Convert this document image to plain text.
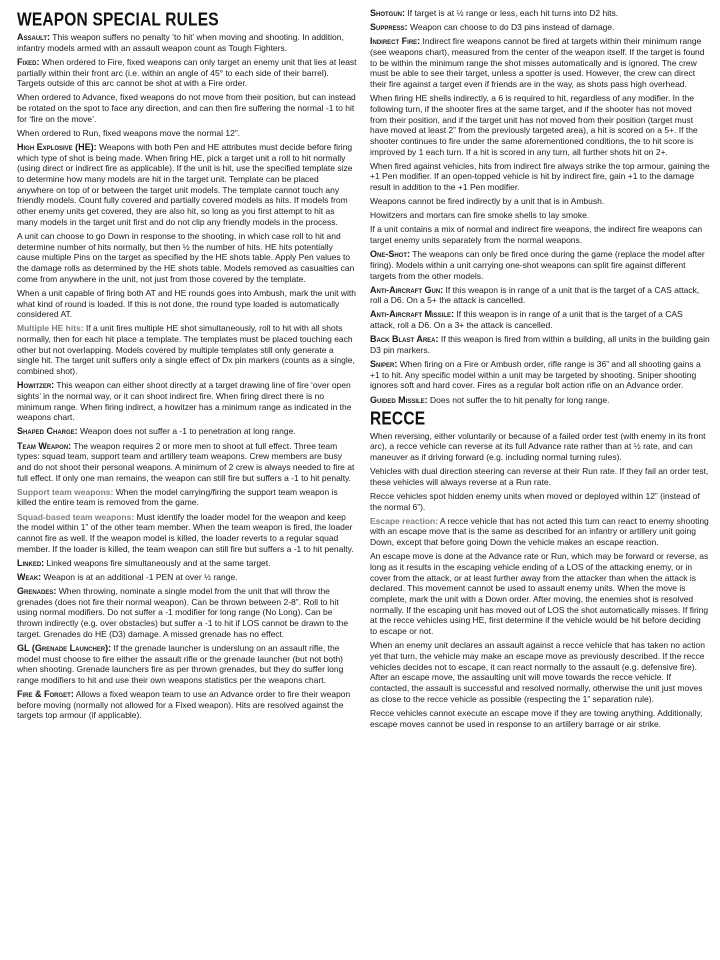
WEAPON SPECIAL RULES

Assault: This weapon suffers no penalty ‘to hit’ when moving and shooting. In addition, infantry models armed with an assault weapon count as Tough Fighters.

Fixed: When ordered to Fire, fixed weapons can only target an enemy unit that lies at least partially within their front arc (i.e. within an angle of 45° to each side of their barrel). Targets outside of this arc cannot be shot at with a Fire order.

When ordered to Advance, fixed weapons do not move from their position, but can instead be rotated on the spot to face any direction, and can then fire suffering the normal -1 to hit for ‘fire on the move’.

When ordered to Run, fixed weapons move the normal 12”.

High Explosive (HE): Weapons with both Pen and HE attributes must decide before firing which type of shot is being made. When firing HE, pick a target unit a roll to hit normally (using direct or indirect fire as applicable). If the unit is hit, use the specified template size to determine how many models are hit in the target unit. Template can be placed anywhere on top of or between the target unit models. The template cannot touch any friendly models. Count fully covered and partially covered models as hits. If models from other enemy units get covered, they are also hit, so long as you first attempt to hit as many models in the target unit first and do not clip any friendly models in the process.

A unit can choose to go Down in response to the shooting, in which case roll to hit and determine number of hits normally, but then ½ the number of hits. HE hits potentially cause multiple Pins on the target as specified by the HE shots table. Apply Pen values to the damage rolls as determined by the HE shots table. Models removed as casualties can come from anywhere in the unit, not just from those covered by the template.

When a unit capable of firing both AT and HE rounds goes into Ambush, mark the unit with what kind of round is loaded. If this is not done, the round type loaded is automatically considered AT.

Multiple HE hits: If a unit fires multiple HE shot simultaneously, roll to hit with all shots normally, then for each hit place a template. The templates must be placed touching each other but not overlapping. Models covered by multiple templates still only generate a single hit. The target unit suffers only a single effect of Dx pin markers (counts as a single, combined shot).

Howitzer: This weapon can either shoot directly at a target drawing line of fire ‘over open sights’ in the normal way, or it can shoot indirect fire. When firing direct there is no minimum range. When firing indirect, a howitzer has a minimum range as indicated in the weapons chart.

Shaped Charge: Weapon does not suffer a -1 to penetration at long range.

Team Weapon: The weapon requires 2 or more men to shoot at full effect. Three team types: squad team, support team and artillery team weapons. Crew members are busy and do not shoot their personal weapons. A minimum of 2 crew is always needed to fire at full effect. If only one man remains, the weapon can still fire but suffers a -1 to hit penalty.

Support team weapons: When the model carrying/firing the support team weapon is killed the entire team is removed from the game.

Squad-based team weapons: Must identify the loader model for the weapon and keep the model within 1” of the other team member. When the team weapon is fired, the loader cannot fire as well. If the weapon model is killed, the loader reverts to a regular squad member. If the loader is killed, the team weapon can still fire but suffers a -1 to hit penalty.

Linked: Linked weapons fire simultaneously and at the same target.

Weak: Weapon is at an additional -1 PEN at over ½ range.

Grenades: When throwing, nominate a single model from the unit that will throw the grenades (does not fire their normal weapon). Can be thrown between 2-8”. Roll to hit using normal modifiers. Do not suffer a -1 modifier for long range (No Long). Can be thrown indirectly (e.g. over obstacles) but suffer a -1 to hit if LOS cannot be drawn to the target. Grenades do HE (D3) damage. A missed grenade has no effect.

GL (Grenade Launcher): If the grenade launcher is underslung on an assault rifle, the model must choose to fire either the assault rifle or the grenade launcher (but not both) when shooting. Grenade launchers fire as per thrown grenades, but they do suffer long range modifiers to hit and use their own weapons statistics per the weapons chart.

Fire & Forget: Allows a fixed weapon team to use an Advance order to fire their weapon before moving (normally not allowed for a Fixed weapon). Hits are resolved against the targets top armour (if applicable).

Shotgun: If target is at ½ range or less, each hit turns into D2 hits.

Suppress: Weapon can choose to do D3 pins instead of damage.

Indirect Fire: Indirect fire weapons cannot be fired at targets within their minimum range (see weapons chart), measured from the center of the weapon itself. If the target is found to be within the minimum range the shot misses automatically and is ignored. The crew must be able to see their target, unless a spotter is used. However, the crew can direct their fire against a target even if friends are in the way, as shots pass high overhead.

When firing HE shells indirectly, a 6 is required to hit, regardless of any modifier. In the following turn, if the shooter fires at the same target, and if the shooter has not moved from their position, and if the target unit has not moved from their position (target must have moved at least 2” from the previously targeted area), a hit is scored on a 5+. If the shooter continues to fire under the same aforementioned conditions, the to hit score is improved by 1 each turn. If a hit is scored in any turn, all further shots hit on 2+.

When fired against vehicles, hits from indirect fire always strike the top armour, gaining the +1 Pen modifier. If an open-topped vehicle is hit by indirect fire, gain +1 to the damage result in addition to the +1 Pen modifier.

Weapons cannot be fired indirectly by a unit that is in Ambush.

Howitzers and mortars can fire smoke shells to lay smoke.

If a unit contains a mix of normal and indirect fire weapons, the indirect fire weapons can target enemy units separately from the normal weapons.

One-Shot: The weapons can only be fired once during the game (replace the model after firing). Models within a unit carrying one-shot weapons can split fire against different targets from the other models.

Anti-Aircraft Gun: If this weapon is in range of a unit that is the target of a CAS attack, roll a D6. On a 5+ the attack is cancelled.

Anti-Aircraft Missile: If this weapon is in range of a unit that is the target of a CAS attack, roll a D6. On a 3+ the attack is cancelled.

Back Blast Area: If this weapon is fired from within a building, all units in the building gain D3 pin markers.

Sniper: When firing on a Fire or Ambush order, rifle range is 36” and all shooting gains a +1 to hit. Any specific model within a unit may be targeted by shooting. Sniper shooting ignores soft and hard cover. Fires as a regular bolt action rifle on an Advance order.

Guided Missile: Does not suffer the to hit penalty for long range.

RECCE

When reversing, either voluntarily or because of a failed order test (with enemy in its front arc), a recce vehicle can reverse at its full Advance rate rather than at ½ rate, and can maneuver as if driving forward (e.g. including normal turning rules).

Vehicles with dual direction steering can reverse at their Run rate. If they fail an order test, these vehicles will always reverse at a Run rate.

Recce vehicles spot hidden enemy units when moved or deployed within 12” (instead of the normal 6”).

Escape reaction: A recce vehicle that has not acted this turn can react to enemy shooting with an escape move that is the same as described for an infantry or artillery unit going Down, except that before going Down the vehicle makes an escape reaction.

An escape move is done at the Advance rate or Run, which may be forward or reverse, as long as it results in the escaping vehicle ending of a LOS of the attacking enemy, or in cover from the attack, or at least further away from the attacker than when the attack is declared. This movement cannot be used to assault enemy units. When the move is complete, mark the unit with a Down order. After moving, the enemies shot is resolved normally. If the escaping unit has moved out of LOS the shot automatically misses. If firing at the recce vehicles using HE, first determine if the vehicle would be hit before deciding to escape or not.

When an enemy unit declares an assault against a recce vehicle that has taken no action yet that turn, the vehicle may make an escape move as previously described. If the recce vehicles decides not to escape, it can react normally to the assault (e.g. defensive fire). After an escape move, the assaulting unit will move towards the recce vehicle. If contacted, the assault is successful and resolved normally, otherwise the unit just moves as close to the recce vehicle as possible (respecting the 1” separation rule).

Recce vehicles cannot execute an escape move if they are towing anything. Additionally, escape moves cannot be used in response to an artillery barrage or air strike.
